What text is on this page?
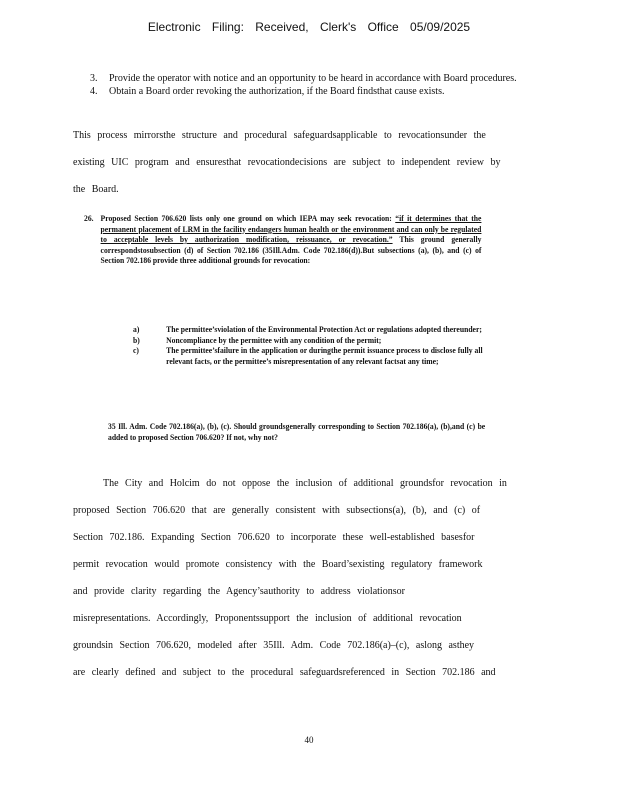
Electronic Filing: Received, Clerk's Office 05/09/2025
3.	Provide the operator with notice and an opportunity to be heard in accordance with Board procedures.
4.	Obtain a Board order revoking the authorization, if the Board findsthat cause exists.
This process mirrorsthe structure and procedural safeguardsapplicable to revocationsunder the
existing UIC program and ensuresthat revocationdecisions are subject to independent review by
the Board.
26. Proposed Section 706.620 lists only one ground on which IEPA may seek revocation: “if it determines that the permanent placement of LRM in the facility endangers human health or the environment and can only be regulated to acceptable levels by authorization modification, reissuance, or revocation.” This ground generally correspondstosubsection (d) of Section 702.186 (35Ill.Adm. Code 702.186(d)).But subsections (a), (b), and (c) of Section 702.186 provide three additional grounds for revocation:
a)	The permittee’sviolation of the Environmental Protection Act or regulations adopted thereunder;
b)	Noncompliance by the permittee with any condition of the permit;
c)	The permittee’sfailure in the application or duringthe permit issuance process to disclose fully all relevant facts, or the permittee’s misrepresentation of any relevant factsat any time;
35 Ill. Adm. Code 702.186(a), (b), (c). Should groundsgenerally corresponding to Section 702.186(a), (b),and (c) be added to proposed Section 706.620? If not, why not?
The City and Holcim do not oppose the inclusion of additional groundsfor revocation in
proposed Section 706.620 that are generally consistent with subsections(a), (b), and (c) of
Section 702.186. Expanding Section 706.620 to incorporate these well-established basesfor
permit revocation would promote consistency with the Board’sexisting regulatory framework
and provide clarity regarding the Agency’sauthority to address violationsor
misrepresentations. Accordingly, Proponentssupport the inclusion of additional revocation
groundsin Section 706.620, modeled after 35Ill. Adm. Code 702.186(a)–(c), aslong asthey
are clearly defined and subject to the procedural safeguardsreferenced in Section 702.186 and
40
